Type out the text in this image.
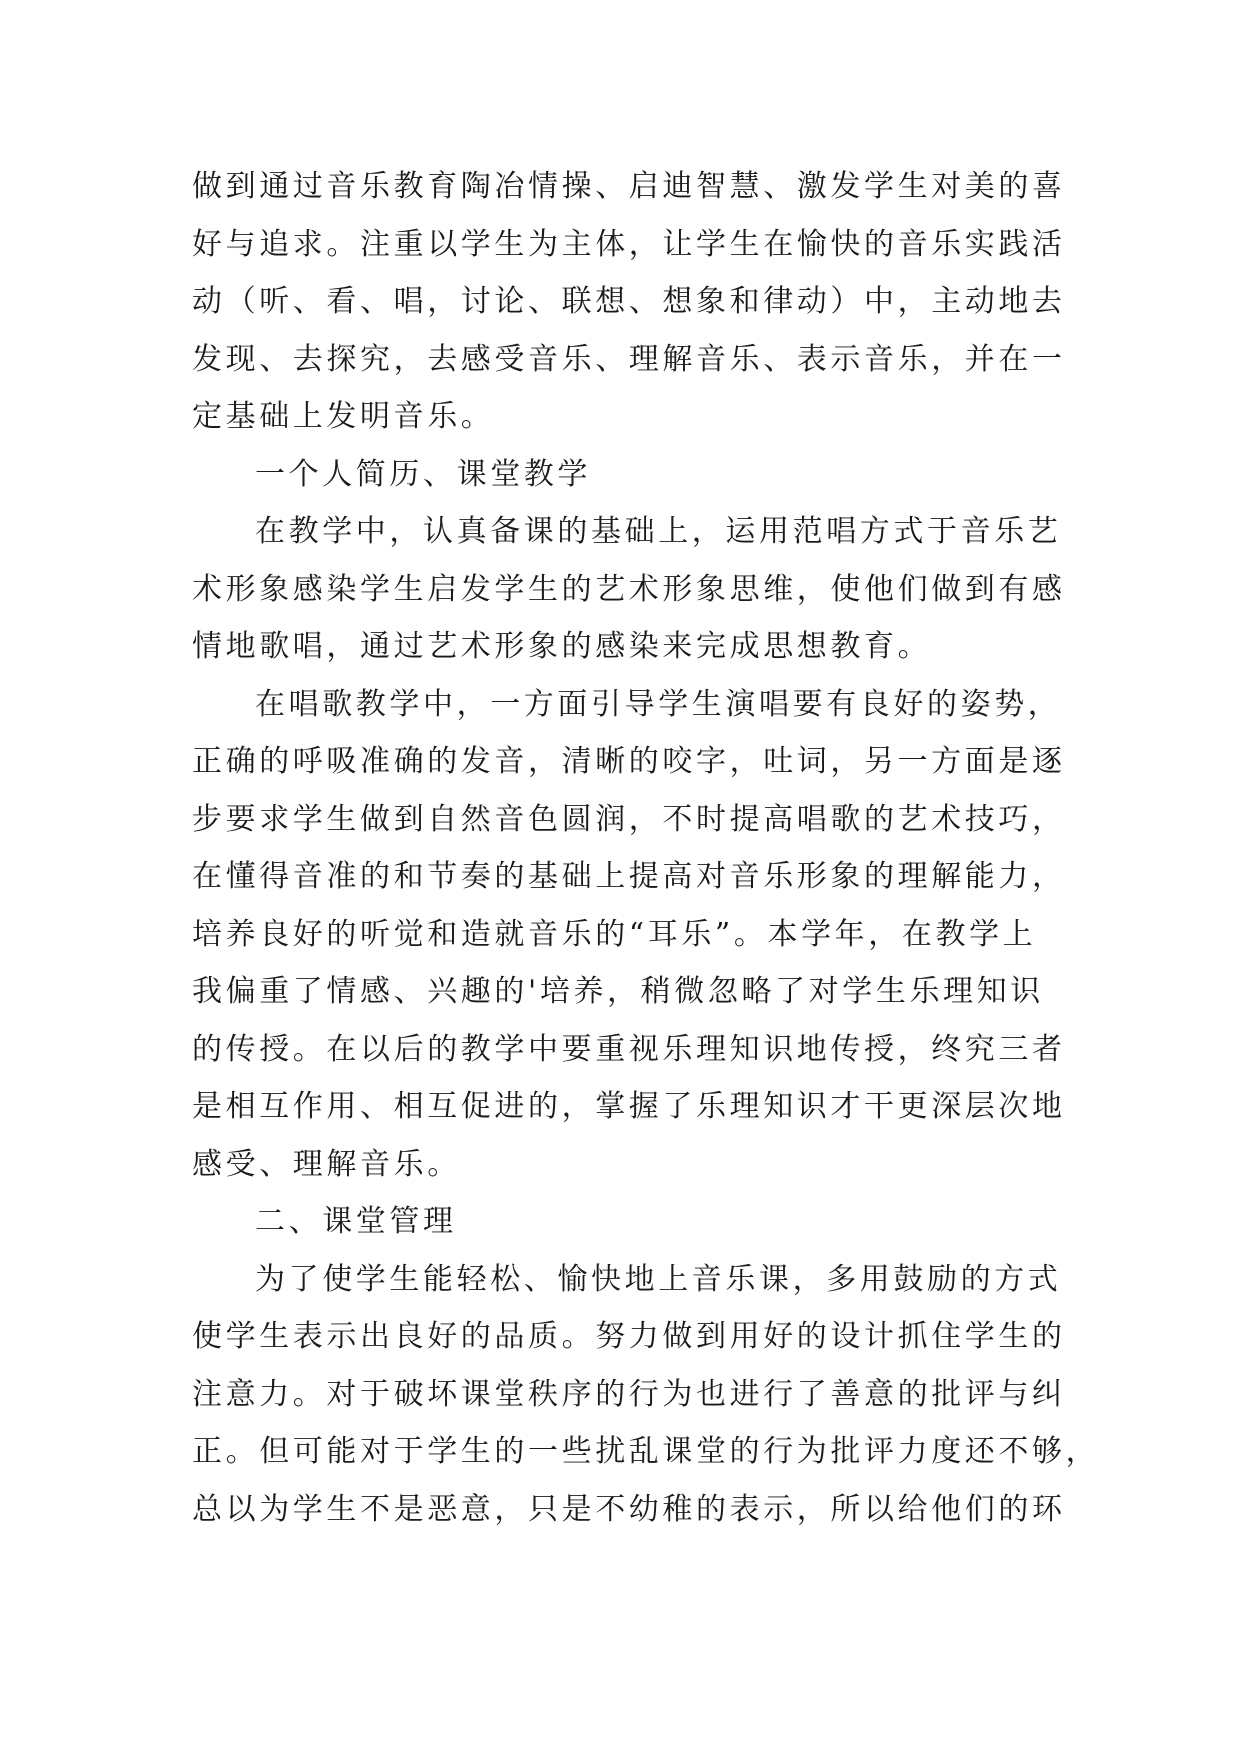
做到通过音乐教育陶冶情操、启迪智慧、激发学生对美的喜
好与追求。注重以学生为主体，让学生在愉快的音乐实践活
动（听、看、唱，讨论、联想、想象和律动）中，主动地去
发现、去探究，去感受音乐、理解音乐、表示音乐，并在一
定基础上发明音乐。
一个人简历、课堂教学
在教学中，认真备课的基础上，运用范唱方式于音乐艺
术形象感染学生启发学生的艺术形象思维，使他们做到有感
情地歌唱，通过艺术形象的感染来完成思想教育。
在唱歌教学中，一方面引导学生演唱要有良好的姿势，
正确的呼吸准确的发音，清晰的咬字，吐词，另一方面是逐
步要求学生做到自然音色圆润，不时提高唱歌的艺术技巧，
在懂得音准的和节奏的基础上提高对音乐形象的理解能力，
培养良好的听觉和造就音乐的“耳乐”。本学年，在教学上
我偏重了情感、兴趣的'培养，稍微忽略了对学生乐理知识
的传授。在以后的教学中要重视乐理知识地传授，终究三者
是相互作用、相互促进的，掌握了乐理知识才干更深层次地
感受、理解音乐。
二、课堂管理
为了使学生能轻松、愉快地上音乐课，多用鼓励的方式
使学生表示出良好的品质。努力做到用好的设计抓住学生的
注意力。对于破坏课堂秩序的行为也进行了善意的批评与纠
正。但可能对于学生的一些扰乱课堂的行为批评力度还不够，
总以为学生不是恶意，只是不幼稚的表示，所以给他们的环
